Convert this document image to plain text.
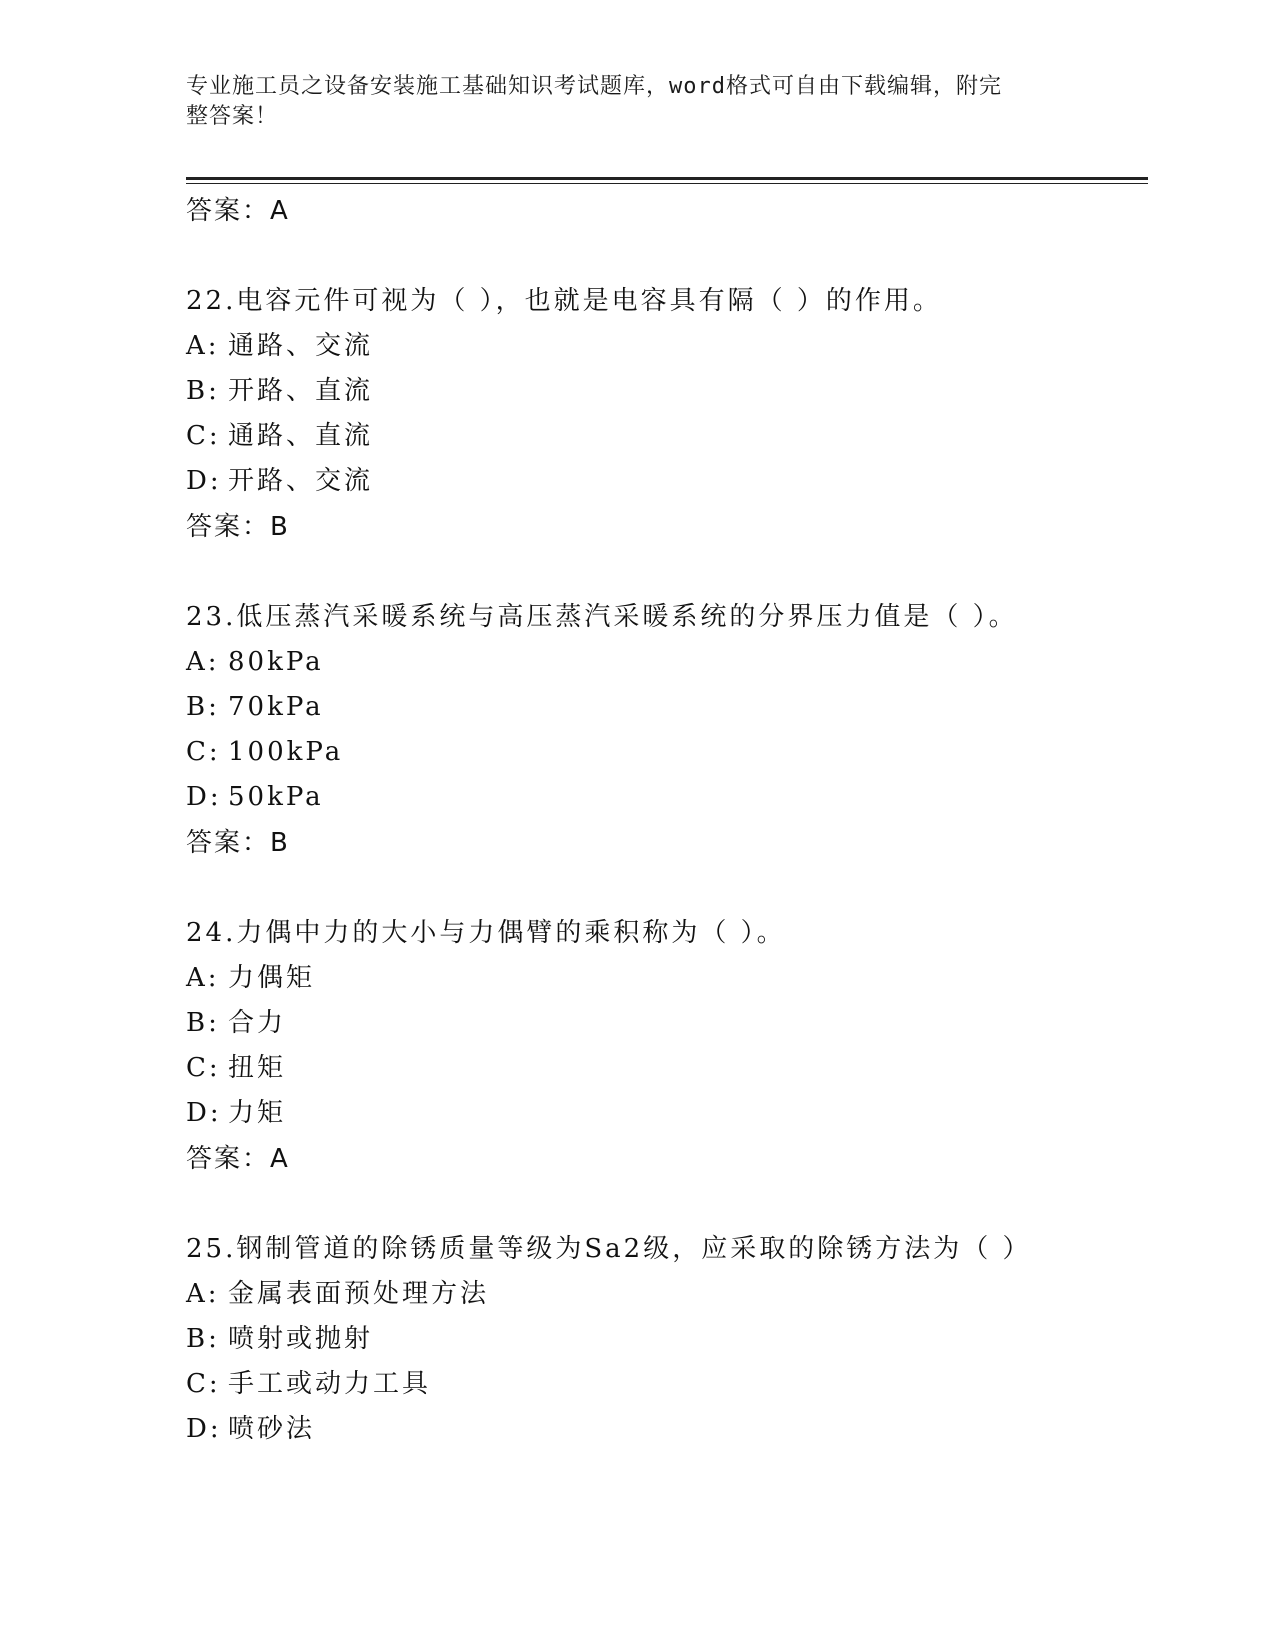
专业施工员之设备安装施工基础知识考试题库，word格式可自由下载编辑，附完
整答案！
答案：A
22.电容元件可视为（ ），也就是电容具有隔（ ）的作用。
A: 通路、交流
B: 开路、直流
C: 通路、直流
D: 开路、交流
答案：B
23.低压蒸汽采暖系统与高压蒸汽采暖系统的分界压力值是（ ）。
A: 80kPa
B: 70kPa
C: 100kPa
D: 50kPa
答案：B
24.力偶中力的大小与力偶臂的乘积称为（ ）。
A: 力偶矩
B: 合力
C: 扭矩
D: 力矩
答案：A
25.钢制管道的除锈质量等级为Sa2级，应采取的除锈方法为（ ）
A: 金属表面预处理方法
B: 喷射或抛射
C: 手工或动力工具
D: 喷砂法
